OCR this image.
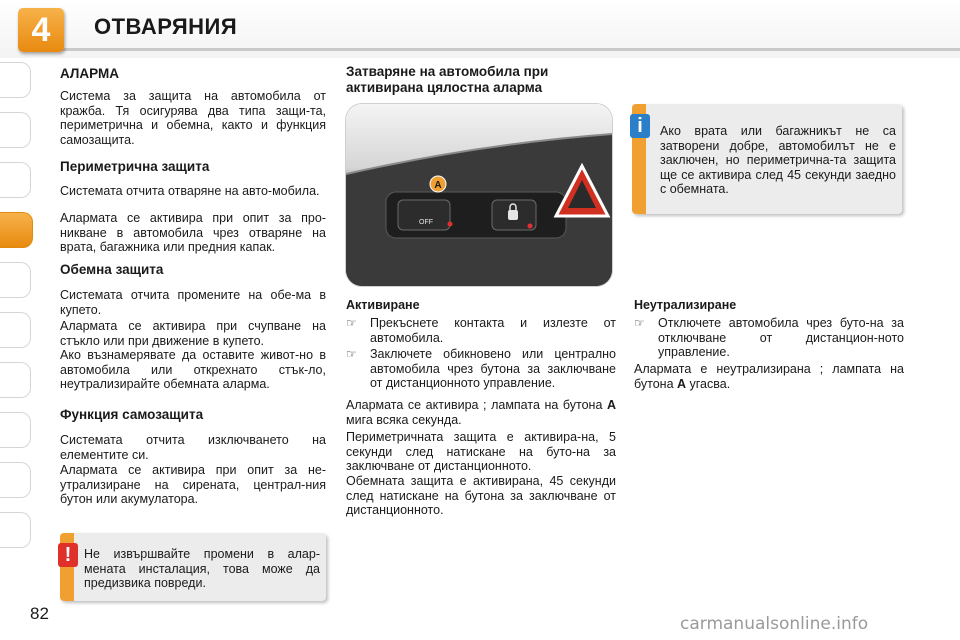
4	ОТВАРЯНИЯ
АЛАРМА

Система за защита на автомобила от кражба. Тя осигурява два типа защи-та, периметрична и обемна, както и функция самозащита.

Периметрична защита

Системата отчита отваряне на авто-мобила.

Алармата се активира при опит за про-никване в автомобила чрез отваряне на врата, багажника или предния капак.

Обемна защита

Системата отчита промените на обе-ма в купето.

Алармата се активира при счупване на стъкло или при движение в купето.

Ако възнамерявате да оставите живот-но в автомобила или открехнато стък-ло, неутрализирайте обемната аларма.

Функция самозащита

Системата отчита изключването на елементите си.

Алармата се активира при опит за не-утрализиране на сирената, централ-ния бутон или акумулатора.

!	Не извършвайте промени в алар-мената инсталация, това може да предизвика повреди.

Затваряне на автомобила при активирана цялостна аларма
A
OFF
Активиране
☞ Прекъснете контакта и излезте от автомобила.
☞ Заключете обикновено или централно автомобила чрез бутона за заключване от дистанционното управление.

Алармата се активира ; лампата на бутона A мига всяка секунда.

Периметричната защита е активира-на, 5 секунди след натискане на буто-на за заключване от дистанционното.

Обемната защита е активирана, 45 секунди след натискане на бутона за заключване от дистанционното.

i	Ако врата или багажникът не са затворени добре, автомобилът не е заключен, но периметрична-та защита ще се активира след 45 секунди заедно с обемната.

Неутрализиране
☞ Отключете автомобила чрез буто-на за отключване от дистанцион-ното управление.

Алармата е неутрализирана ; лампата на бутона A угасва.

82
carmanualsonline.info
